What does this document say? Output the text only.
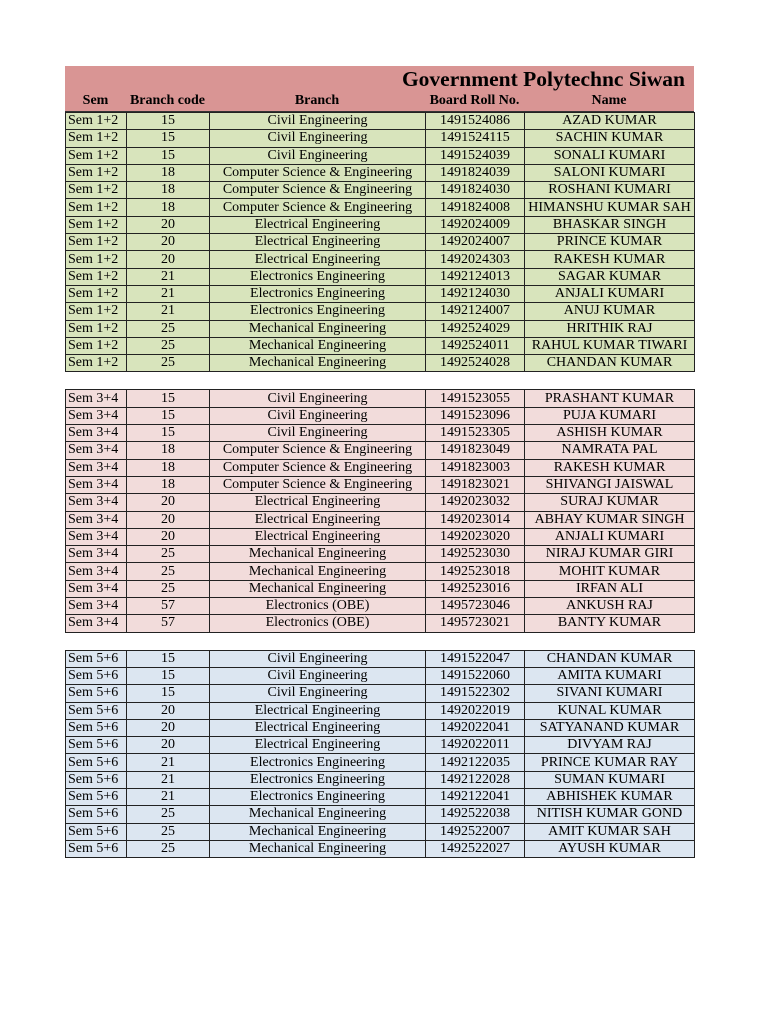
Government Polytechnc Siwan
Sem	Branch code	Branch	Board Roll No.	Name
Sem 1+2	15	Civil Engineering	1491524086	AZAD KUMAR
Sem 1+2	15	Civil Engineering	1491524115	SACHIN KUMAR
Sem 1+2	15	Civil Engineering	1491524039	SONALI KUMARI
Sem 1+2	18	Computer Science & Engineering	1491824039	SALONI KUMARI
Sem 1+2	18	Computer Science & Engineering	1491824030	ROSHANI KUMARI
Sem 1+2	18	Computer Science & Engineering	1491824008	HIMANSHU KUMAR SAH
Sem 1+2	20	Electrical Engineering	1492024009	BHASKAR SINGH
Sem 1+2	20	Electrical Engineering	1492024007	PRINCE KUMAR
Sem 1+2	20	Electrical Engineering	1492024303	RAKESH KUMAR
Sem 1+2	21	Electronics Engineering	1492124013	SAGAR KUMAR
Sem 1+2	21	Electronics Engineering	1492124030	ANJALI KUMARI
Sem 1+2	21	Electronics Engineering	1492124007	ANUJ KUMAR
Sem 1+2	25	Mechanical Engineering	1492524029	HRITHIK RAJ
Sem 1+2	25	Mechanical Engineering	1492524011	RAHUL KUMAR TIWARI
Sem 1+2	25	Mechanical Engineering	1492524028	CHANDAN KUMAR
Sem 3+4	15	Civil Engineering	1491523055	PRASHANT KUMAR
Sem 3+4	15	Civil Engineering	1491523096	PUJA KUMARI
Sem 3+4	15	Civil Engineering	1491523305	ASHISH KUMAR
Sem 3+4	18	Computer Science & Engineering	1491823049	NAMRATA PAL
Sem 3+4	18	Computer Science & Engineering	1491823003	RAKESH KUMAR
Sem 3+4	18	Computer Science & Engineering	1491823021	SHIVANGI JAISWAL
Sem 3+4	20	Electrical Engineering	1492023032	SURAJ KUMAR
Sem 3+4	20	Electrical Engineering	1492023014	ABHAY KUMAR SINGH
Sem 3+4	20	Electrical Engineering	1492023020	ANJALI KUMARI
Sem 3+4	25	Mechanical Engineering	1492523030	NIRAJ KUMAR GIRI
Sem 3+4	25	Mechanical Engineering	1492523018	MOHIT KUMAR
Sem 3+4	25	Mechanical Engineering	1492523016	IRFAN ALI
Sem 3+4	57	Electronics (OBE)	1495723046	ANKUSH RAJ
Sem 3+4	57	Electronics (OBE)	1495723021	BANTY KUMAR
Sem 5+6	15	Civil Engineering	1491522047	CHANDAN KUMAR
Sem 5+6	15	Civil Engineering	1491522060	AMITA KUMARI
Sem 5+6	15	Civil Engineering	1491522302	SIVANI KUMARI
Sem 5+6	20	Electrical Engineering	1492022019	KUNAL KUMAR
Sem 5+6	20	Electrical Engineering	1492022041	SATYANAND KUMAR
Sem 5+6	20	Electrical Engineering	1492022011	DIVYAM RAJ
Sem 5+6	21	Electronics Engineering	1492122035	PRINCE KUMAR RAY
Sem 5+6	21	Electronics Engineering	1492122028	SUMAN KUMARI
Sem 5+6	21	Electronics Engineering	1492122041	ABHISHEK KUMAR
Sem 5+6	25	Mechanical Engineering	1492522038	NITISH KUMAR GOND
Sem 5+6	25	Mechanical Engineering	1492522007	AMIT KUMAR SAH
Sem 5+6	25	Mechanical Engineering	1492522027	AYUSH KUMAR
